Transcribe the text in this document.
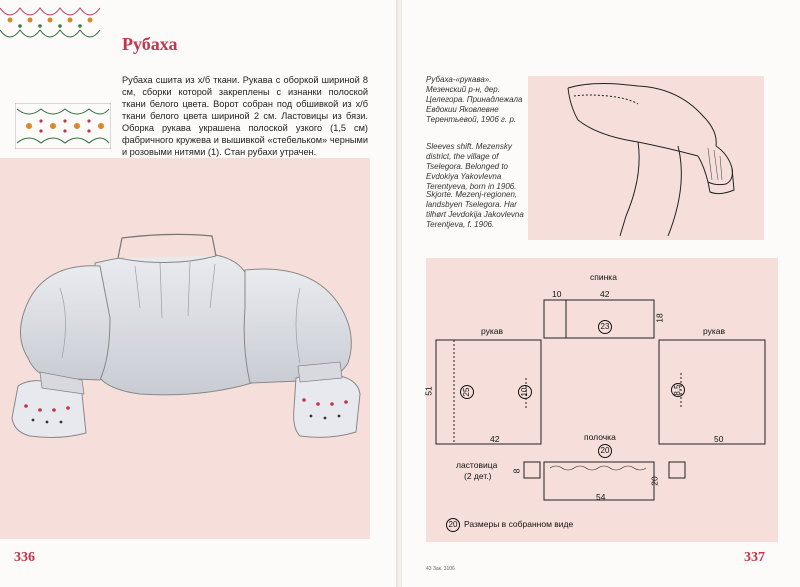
Рубаха
Рубаха сшита из х/б ткани. Рукава с оборкой шириной 8 см, сборки которой закреплены с изнанки полоской ткани белого цвета. Ворот собран под обшивкой из х/б ткани белого цвета шириной 2 см. Ластовицы из бязи. Оборка рукава украшена полоской узкого (1,5 см) фабричного кружева и вышивкой «стебельком» черными и розовыми нитями (1). Стан рубахи утрачен.
336
Рубаха-«рукава». Мезенский р-н, дер. Целегора. Принадлежала Евдокии Яковлевне Терентьевой, 1906 г. р.
Sleeves shift. Mezensky district, the village of Tselegora. Belonged to Evdokiya Yakovlevna Terentyeva, born in 1906.
Skjorte. Mezenj-regionen, landsbyen Tselegora. Har tilhørt Jevdokija Jakovlevna Terentjeva, f. 1906.
спинка
10	42
18
23
рукав	рукав
51	25	10
42
8,5
50
полочка
20
ластовица
(2 дет.) 8
54
20
20 Размеры в собранном виде
43 Зак. 3106
337
